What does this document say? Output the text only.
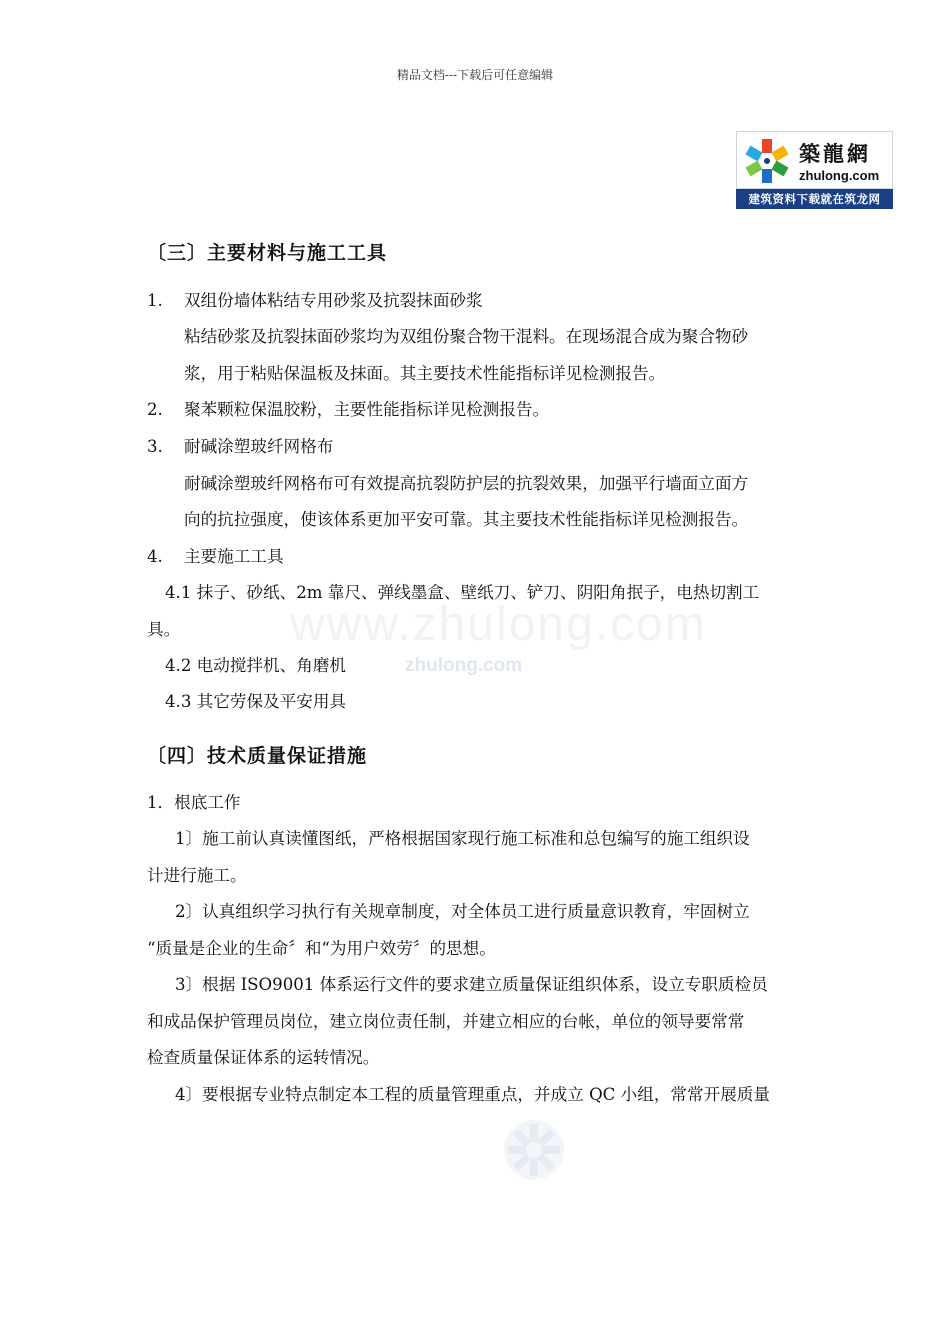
精品文档---下载后可任意编辑
築龍網
zhulong.com
建筑资料下载就在筑龙网
www.zhulong.com
zhulong.com
〔三〕主要材料与施工工具
1. 双组份墙体粘结专用砂浆及抗裂抹面砂浆
粘结砂浆及抗裂抹面砂浆均为双组份聚合物干混料。在现场混合成为聚合物砂
浆，用于粘贴保温板及抹面。其主要技术性能指标详见检测报告。
2. 聚苯颗粒保温胶粉，主要性能指标详见检测报告。
3. 耐碱涂塑玻纤网格布
耐碱涂塑玻纤网格布可有效提高抗裂防护层的抗裂效果，加强平行墙面立面方
向的抗拉强度，使该体系更加平安可靠。其主要技术性能指标详见检测报告。
4. 主要施工工具
4.1 抹子、砂纸、2m 靠尺、弹线墨盒、壁纸刀、铲刀、阴阳角抿子，电热切割工
具。
4.2 电动搅拌机、角磨机
4.3 其它劳保及平安用具
〔四〕技术质量保证措施
1．根底工作
1〕施工前认真读懂图纸，严格根据国家现行施工标准和总包编写的施工组织设
计进行施工。
2〕认真组织学习执行有关规章制度，对全体员工进行质量意识教育，牢固树立
“质量是企业的生命〞和“为用户效劳〞的思想。
3〕根据 ISO9001 体系运行文件的要求建立质量保证组织体系，设立专职质检员
和成品保护管理员岗位，建立岗位责任制，并建立相应的台帐，单位的领导要常常
检查质量保证体系的运转情况。
4〕要根据专业特点制定本工程的质量管理重点，并成立 QC 小组，常常开展质量
